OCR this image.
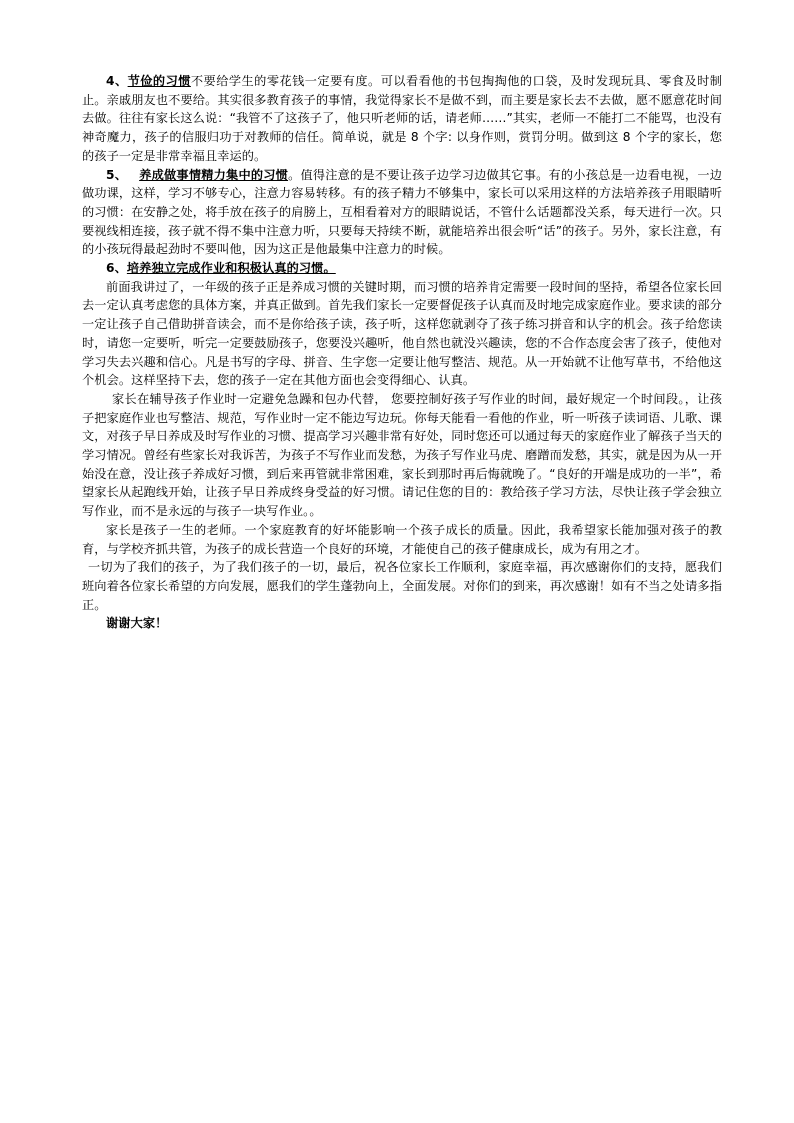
4、节俭的习惯不要给学生的零花钱一定要有度。可以看看他的书包掏掏他的口袋，及时发现玩具、零食及时制止。亲戚朋友也不要给。其实很多教育孩子的事情，我觉得家长不是做不到，而主要是家长去不去做，愿不愿意花时间去做。往往有家长这么说：“我管不了这孩子了，他只听老师的话，请老师……”其实，老师一不能打二不能骂，也没有神奇魔力，孩子的信服归功于对教师的信任。简单说，就是 8 个字: 以身作则，赏罚分明。做到这 8 个字的家长，您的孩子一定是非常幸福且幸运的。

5、 养成做事情精力集中的习惯。值得注意的是不要让孩子边学习边做其它事。有的小孩总是一边看电视，一边做功课，这样，学习不够专心，注意力容易转移。有的孩子精力不够集中，家长可以采用这样的方法培养孩子用眼睛听的习惯：在安静之处，将手放在孩子的肩膀上，互相看着对方的眼睛说话，不管什么话题都没关系，每天进行一次。只要视线相连接，孩子就不得不集中注意力听，只要每天持续不断，就能培养出很会听“话”的孩子。另外，家长注意，有的小孩玩得最起劲时不要叫他，因为这正是他最集中注意力的时候。

6、培养独立完成作业和积极认真的习惯。

前面我讲过了，一年级的孩子正是养成习惯的关键时期，而习惯的培养肯定需要一段时间的坚持，希望各位家长回去一定认真考虑您的具体方案，并真正做到。首先我们家长一定要督促孩子认真而及时地完成家庭作业。要求读的部分一定让孩子自己借助拼音读会，而不是你给孩子读，孩子听，这样您就剥夺了孩子练习拼音和认字的机会。孩子给您读时，请您一定要听，听完一定要鼓励孩子，您要没兴趣听，他自然也就没兴趣读，您的不合作态度会害了孩子，使他对学习失去兴趣和信心。凡是书写的字母、拼音、生字您一定要让他写整洁、规范。从一开始就不让他写草书，不给他这个机会。这样坚持下去，您的孩子一定在其他方面也会变得细心、认真。

家长在辅导孩子作业时一定避免急躁和包办代替， 您要控制好孩子写作业的时间，最好规定一个时间段。，让孩子把家庭作业也写整洁、规范，写作业时一定不能边写边玩。你每天能看一看他的作业，听一听孩子读词语、儿歌、课文，对孩子早日养成及时写作业的习惯、提高学习兴趣非常有好处，同时您还可以通过每天的家庭作业了解孩子当天的学习情况。曾经有些家长对我诉苦，为孩子不写作业而发愁，为孩子写作业马虎、磨蹭而发愁，其实，就是因为从一开始没在意，没让孩子养成好习惯，到后来再管就非常困难，家长到那时再后悔就晚了。“良好的开端是成功的一半”，希望家长从起跑线开始，让孩子早日养成终身受益的好习惯。请记住您的目的：教给孩子学习方法，尽快让孩子学会独立写作业，而不是永远的与孩子一块写作业。。

家长是孩子一生的老师。一个家庭教育的好坏能影响一个孩子成长的质量。因此，我希望家长能加强对孩子的教育，与学校齐抓共管，为孩子的成长营造一个良好的环境，才能使自己的孩子健康成长，成为有用之才。

一切为了我们的孩子，为了我们孩子的一切，最后，祝各位家长工作顺利，家庭幸福，再次感谢你们的支持，愿我们班向着各位家长希望的方向发展，愿我们的学生蓬勃向上，全面发展。对你们的到来，再次感谢！如有不当之处请多指正。

谢谢大家！
